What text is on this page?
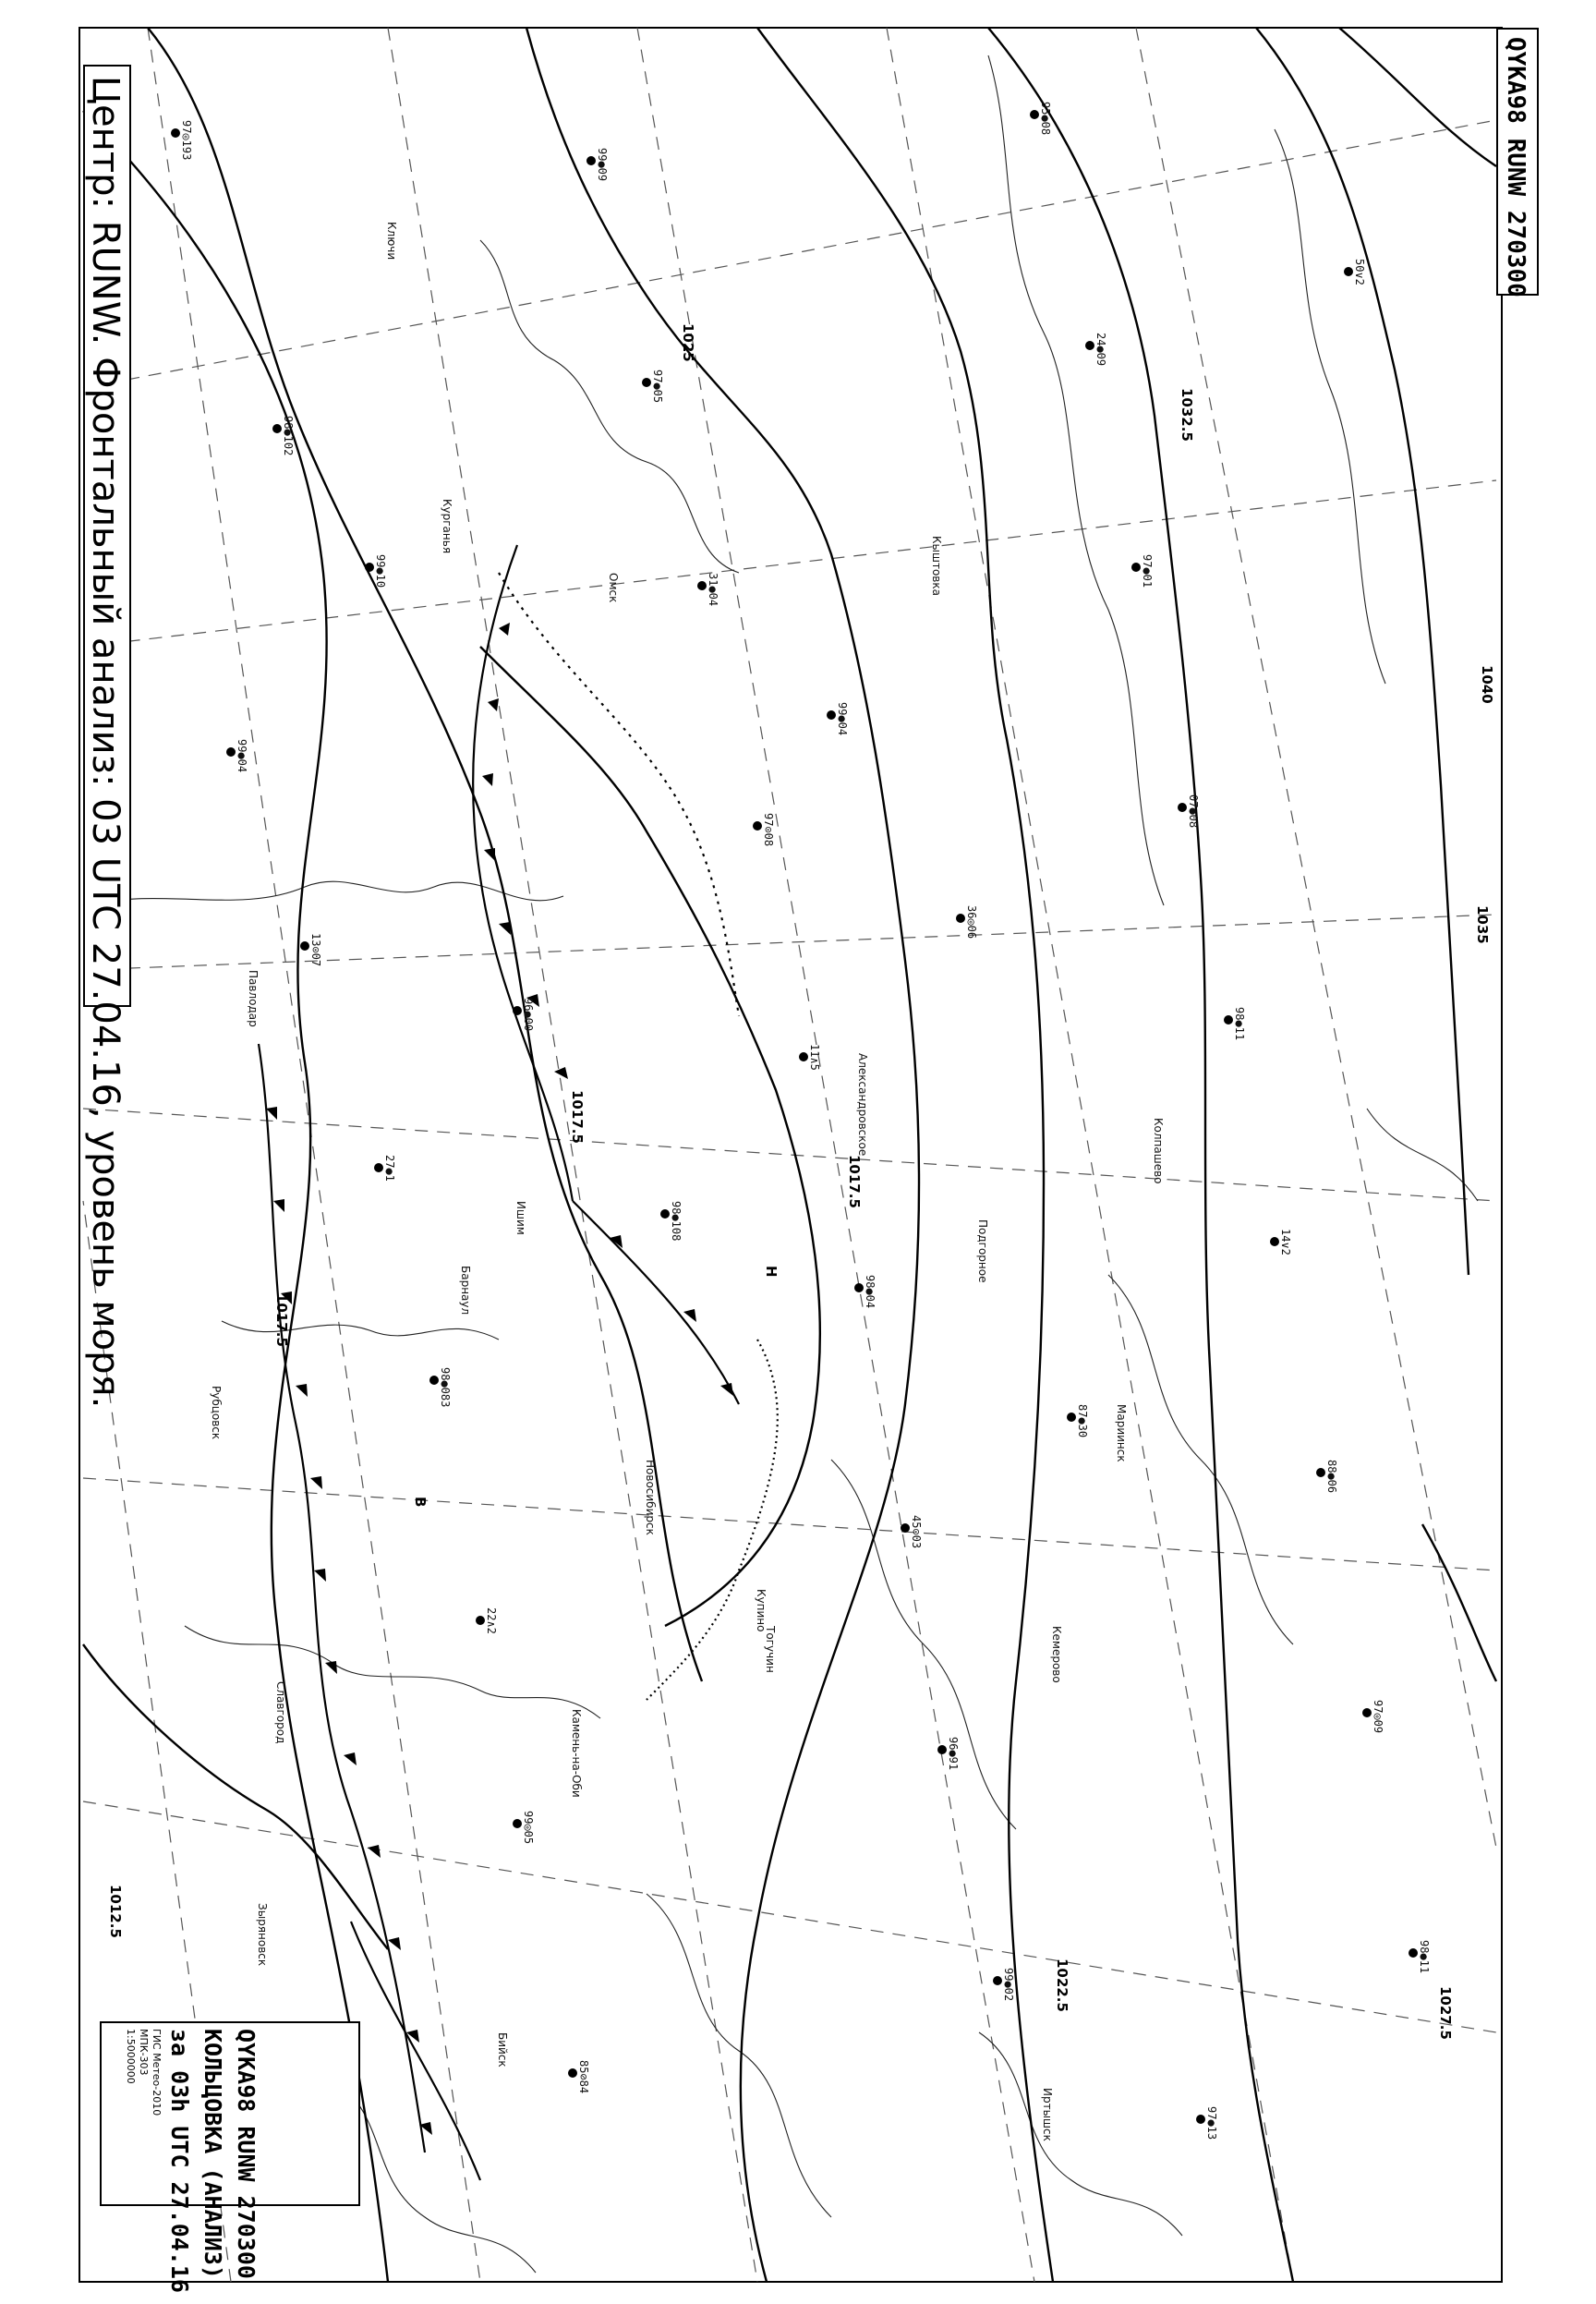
97◎193
98●102
99●04
13⊙07
27●1
98●083
22∧2
99◎05
85⊘84
99●09
97●05
31●04
97⊙08
11∧5
98●04
45⊙03
96●91
99●02
95●08
24●09
97●01
07●08
98●11
14∨2
88●06
97◎09
98●11
99●10
96●00
98●108
99●04
36◎06
87●30
97●13
50∨2
Курганья
Ишим
Барнаул
Омск
Павлодар
Новосибирск
Александровское
Кыштовка
Ключи
Мариинск
Тогучин	Кемерово
Зыряновск
Камень-на-Оби
Колпашево
Подгорное
Бийск
Рубцовск
Славгород
Купино
Иртышск
1032.5
1025
1017.5
1017.5
1017.5
1012.5
1022.5
1027.5
1035
1040
Н
В
Центр: RUNW. Фронтальный анализ: 03 UTC 27.04.16, уровень моря.	QYKA98 RUNW 270300
QYKA98 RUNW 270300
КОЛЬЦОВКА (АНАЛИЗ)
за 03h UTC 27.04.16
ГИС Метео-2010
МПК-303
1:5000000
